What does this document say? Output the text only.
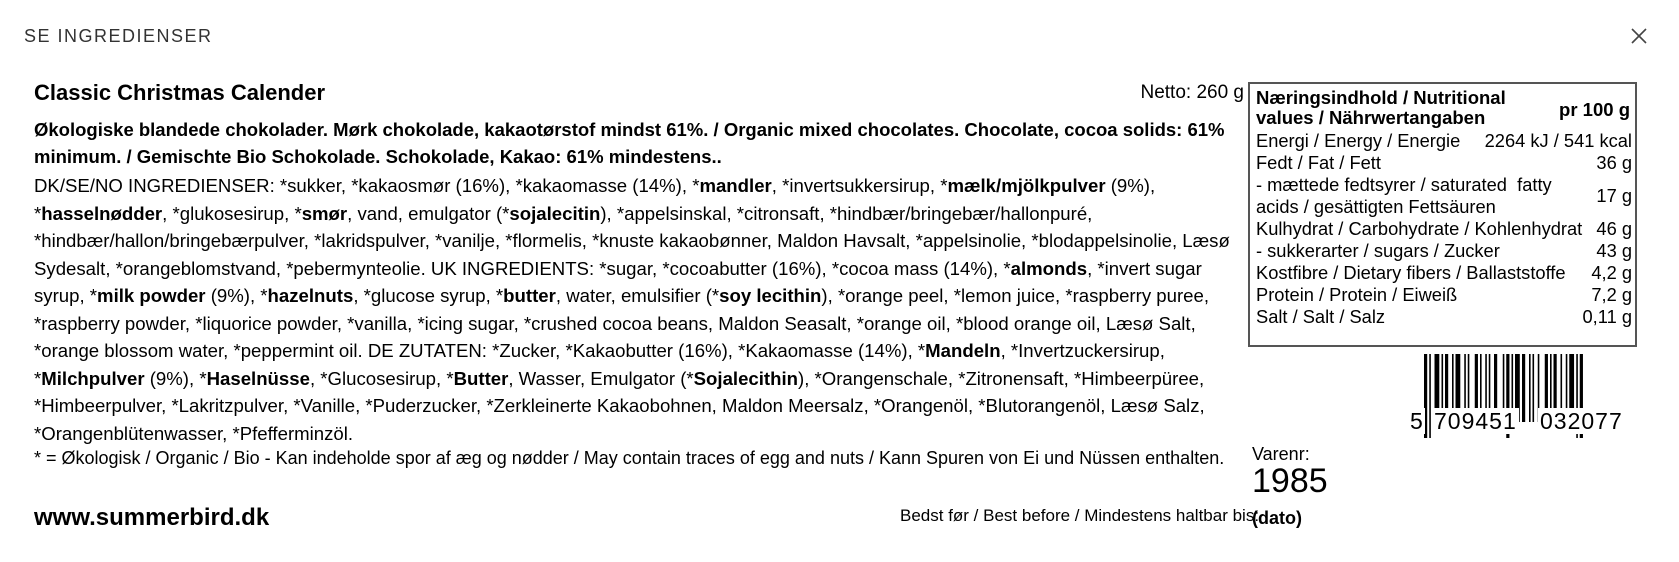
SE INGREDIENSER
Classic Christmas Calender	Netto: 260 g
Økologiske blandede chokolader. Mørk chokolade, kakaotørstof mindst 61%. / Organic mixed chocolates. Chocolate, cocoa solids: 61% minimum. / Gemischte Bio Schokolade. Schokolade, Kakao: 61% mindestens..
DK/SE/NO INGREDIENSER: *sukker, *kakaosmør (16%), *kakaomasse (14%), *mandler, *invertsukkersirup, *mælk/mjölkpulver (9%), *hasselnødder, *glukosesirup, *smør, vand, emulgator (*sojalecitin), *appelsinskal, *citronsaft, *hindbær/bringebær/hallonpuré, *hindbær/hallon/bringebærpulver, *lakridspulver, *vanilje, *flormelis, *knuste kakaobønner, Maldon Havsalt, *appelsinolie, *blodappelsinolie, Læsø Sydesalt, *orangeblomstvand, *pebermynteolie. UK INGREDIENTS: *sugar, *cocoabutter (16%), *cocoa mass (14%), *almonds, *invert sugar syrup, *milk powder (9%), *hazelnuts, *glucose syrup, *butter, water, emulsifier (*soy lecithin), *orange peel, *lemon juice, *raspberry puree, *raspberry powder, *liquorice powder, *vanilla, *icing sugar, *crushed cocoa beans, Maldon Seasalt, *orange oil, *blood orange oil, Læsø Salt, *orange blossom water, *peppermint oil. DE ZUTATEN: *Zucker, *Kakaobutter (16%), *Kakaomasse (14%), *Mandeln, *Invertzuckersirup, *Milchpulver (9%), *Haselnüsse, *Glucosesirup, *Butter, Wasser, Emulgator (*Sojalecithin), *Orangenschale, *Zitronensaft, *Himbeerpüree, *Himbeerpulver, *Lakritzpulver, *Vanille, *Puderzucker, *Zerkleinerte Kakaobohnen, Maldon Meersalz, *Orangenöl, *Blutorangenöl, Læsø Salz, *Orangenblütenwasser, *Pfefferminzöl.
* = Økologisk / Organic / Bio - Kan indeholde spor af æg og nødder / May contain traces of egg and nuts / Kann Spuren von Ei und Nüssen enthalten.
www.summerbird.dk	Bedst før / Best before / Mindestens haltbar bis:
(dato)
Næringsindhold / Nutritional values / Nährwertangaben	pr 100 g
Energi / Energy / Energie 2264 kJ / 541 kcal
Fedt / Fat / Fett	36 g
- mættede fedtsyrer / saturated  fatty acids / gesättigten Fettsäuren
17 g
Kulhydrat / Carbohydrate / Kohlenhydrat 46 g
- sukkerarter / sugars / Zucker	43 g
Kostfibre / Dietary fibers / Ballaststoffe 4,2 g
Protein / Protein / Eiweiß	7,2 g
Salt / Salt / Salz	0,11 g
5 709451 032077
Varenr:
1985
